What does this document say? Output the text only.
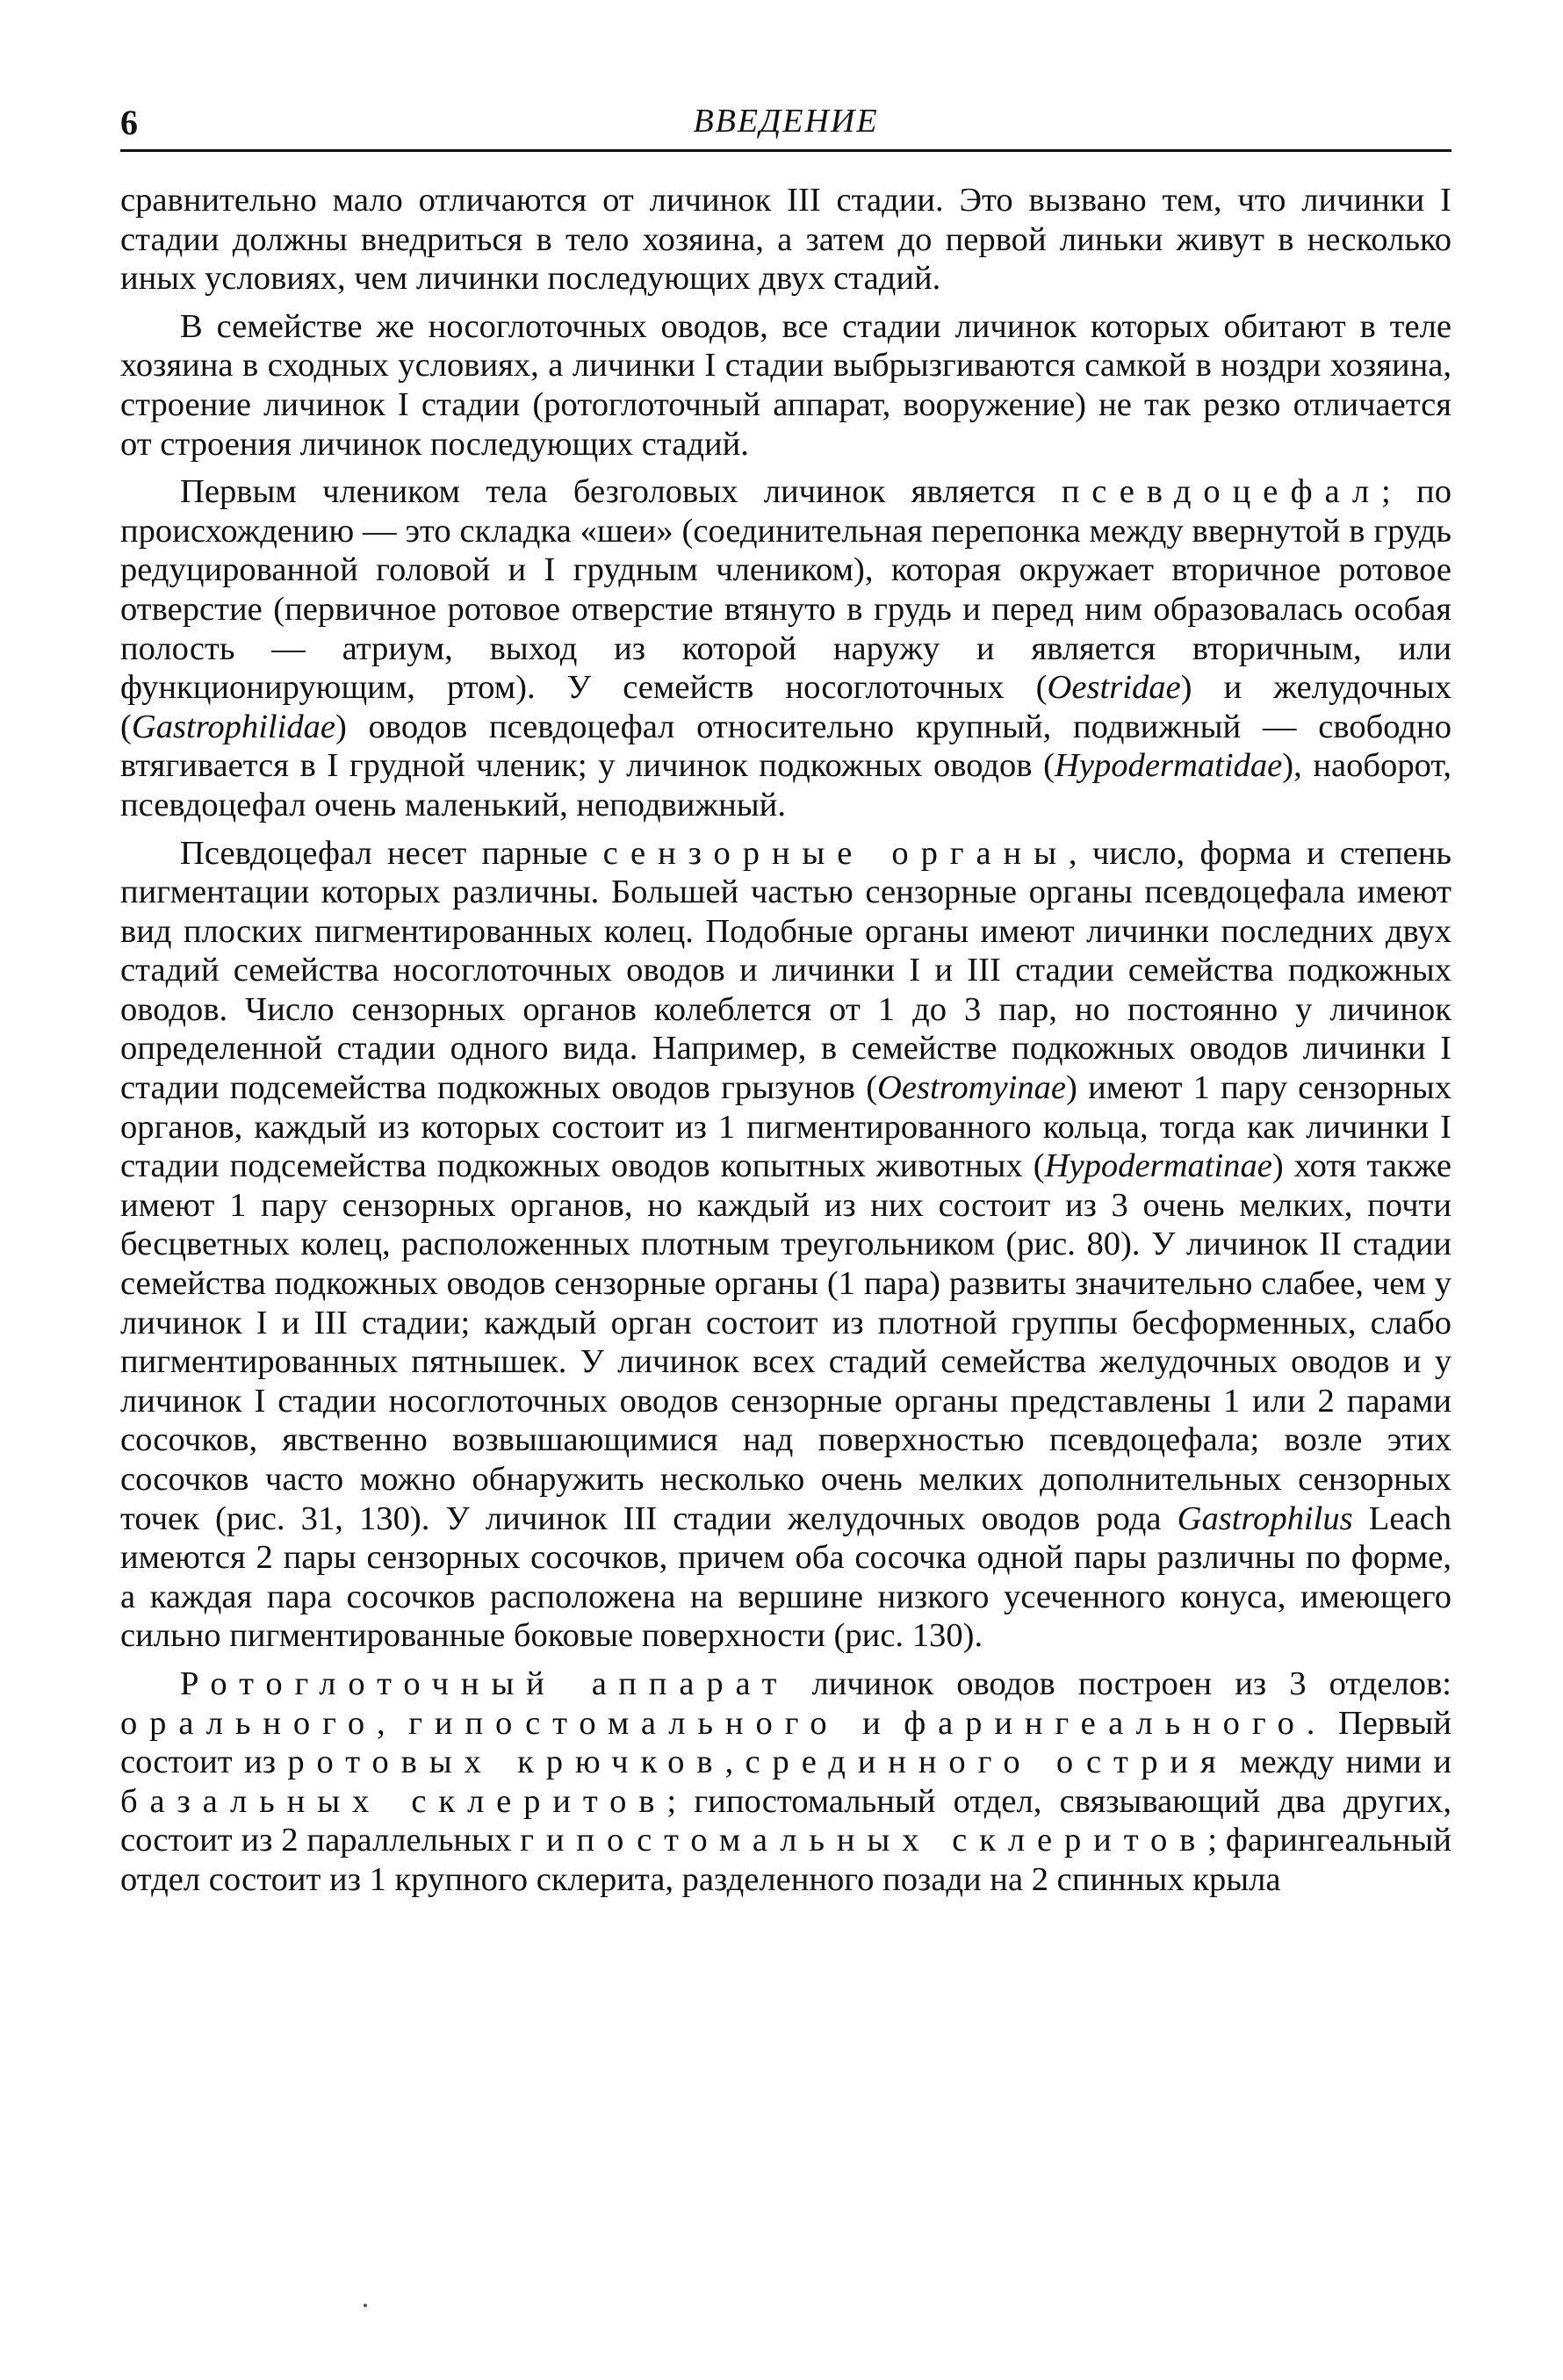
6	ВВЕДЕНИЕ

сравнительно мало отличаются от личинок III стадии. Это вызвано тем, что личинки I стадии должны внедриться в тело хозяина, а затем до первой линьки живут в несколько иных условиях, чем личинки последующих двух стадий.

В семействе же носоглоточных оводов, все стадии личинок которых обитают в теле хозяина в сходных условиях, а личинки I стадии выбрызгиваются самкой в ноздри хозяина, строение личинок I стадии (ротоглоточный аппарат, вооружение) не так резко отличается от строения личинок последующих стадий.

Первым члеником тела безголовых личинок является псевдоцефал; по происхождению — это складка «шеи» (соединительная перепонка между ввернутой в грудь редуцированной головой и I грудным члеником), которая окружает вторичное ротовое отверстие (первичное ротовое отверстие втянуто в грудь и перед ним образовалась особая полость — атриум, выход из которой наружу и является вторичным, или функционирующим, ртом). У семейств носоглоточных (Oestridae) и желудочных (Gastrophilidae) оводов псевдоцефал относительно крупный, подвижный — свободно втягивается в I грудной членик; у личинок подкожных оводов (Hypodermatidae), наоборот, псевдоцефал очень маленький, неподвижный.

Псевдоцефал несет парные сензорные органы, число, форма и степень пигментации которых различны. Большей частью сензорные органы псевдоцефала имеют вид плоских пигментированных колец. Подобные органы имеют личинки последних двух стадий семейства носоглоточных оводов и личинки I и III стадии семейства подкожных оводов. Число сензорных органов колеблется от 1 до 3 пар, но постоянно у личинок определенной стадии одного вида. Например, в семействе подкожных оводов личинки I стадии подсемейства подкожных оводов грызунов (Oestromyinae) имеют 1 пару сензорных органов, каждый из которых состоит из 1 пигментированного кольца, тогда как личинки I стадии подсемейства подкожных оводов копытных животных (Hypodermatinae) хотя также имеют 1 пару сензорных органов, но каждый из них состоит из 3 очень мелких, почти бесцветных колец, расположенных плотным треугольником (рис. 80). У личинок II стадии семейства подкожных оводов сензорные органы (1 пара) развиты значительно слабее, чем у личинок I и III стадии; каждый орган состоит из плотной группы бесформенных, слабо пигментированных пятнышек. У личинок всех стадий семейства желудочных оводов и у личинок I стадии носоглоточных оводов сензорные органы представлены 1 или 2 парами сосочков, явственно возвышающимися над поверхностью псевдоцефала; возле этих сосочков часто можно обнаружить несколько очень мелких дополнительных сензорных точек (рис. 31, 130). У личинок III стадии желудочных оводов рода Gastrophilus Leach имеются 2 пары сензорных сосочков, причем оба сосочка одной пары различны по форме, а каждая пара сосочков расположена на вершине низкого усеченного конуса, имеющего сильно пигментированные боковые поверхности (рис. 130).

Ротоглоточный аппарат личинок оводов построен из 3 отделов: орального, гипостомального и фарингеального. Первый состоит из ротовых крючков, срединного острия между ними и базальных склеритов; гипостомальный отдел, связывающий два других, состоит из 2 параллельных гипостомальных склеритов; фарингеальный отдел состоит из 1 крупного склерита, разделенного позади на 2 спинных крыла
